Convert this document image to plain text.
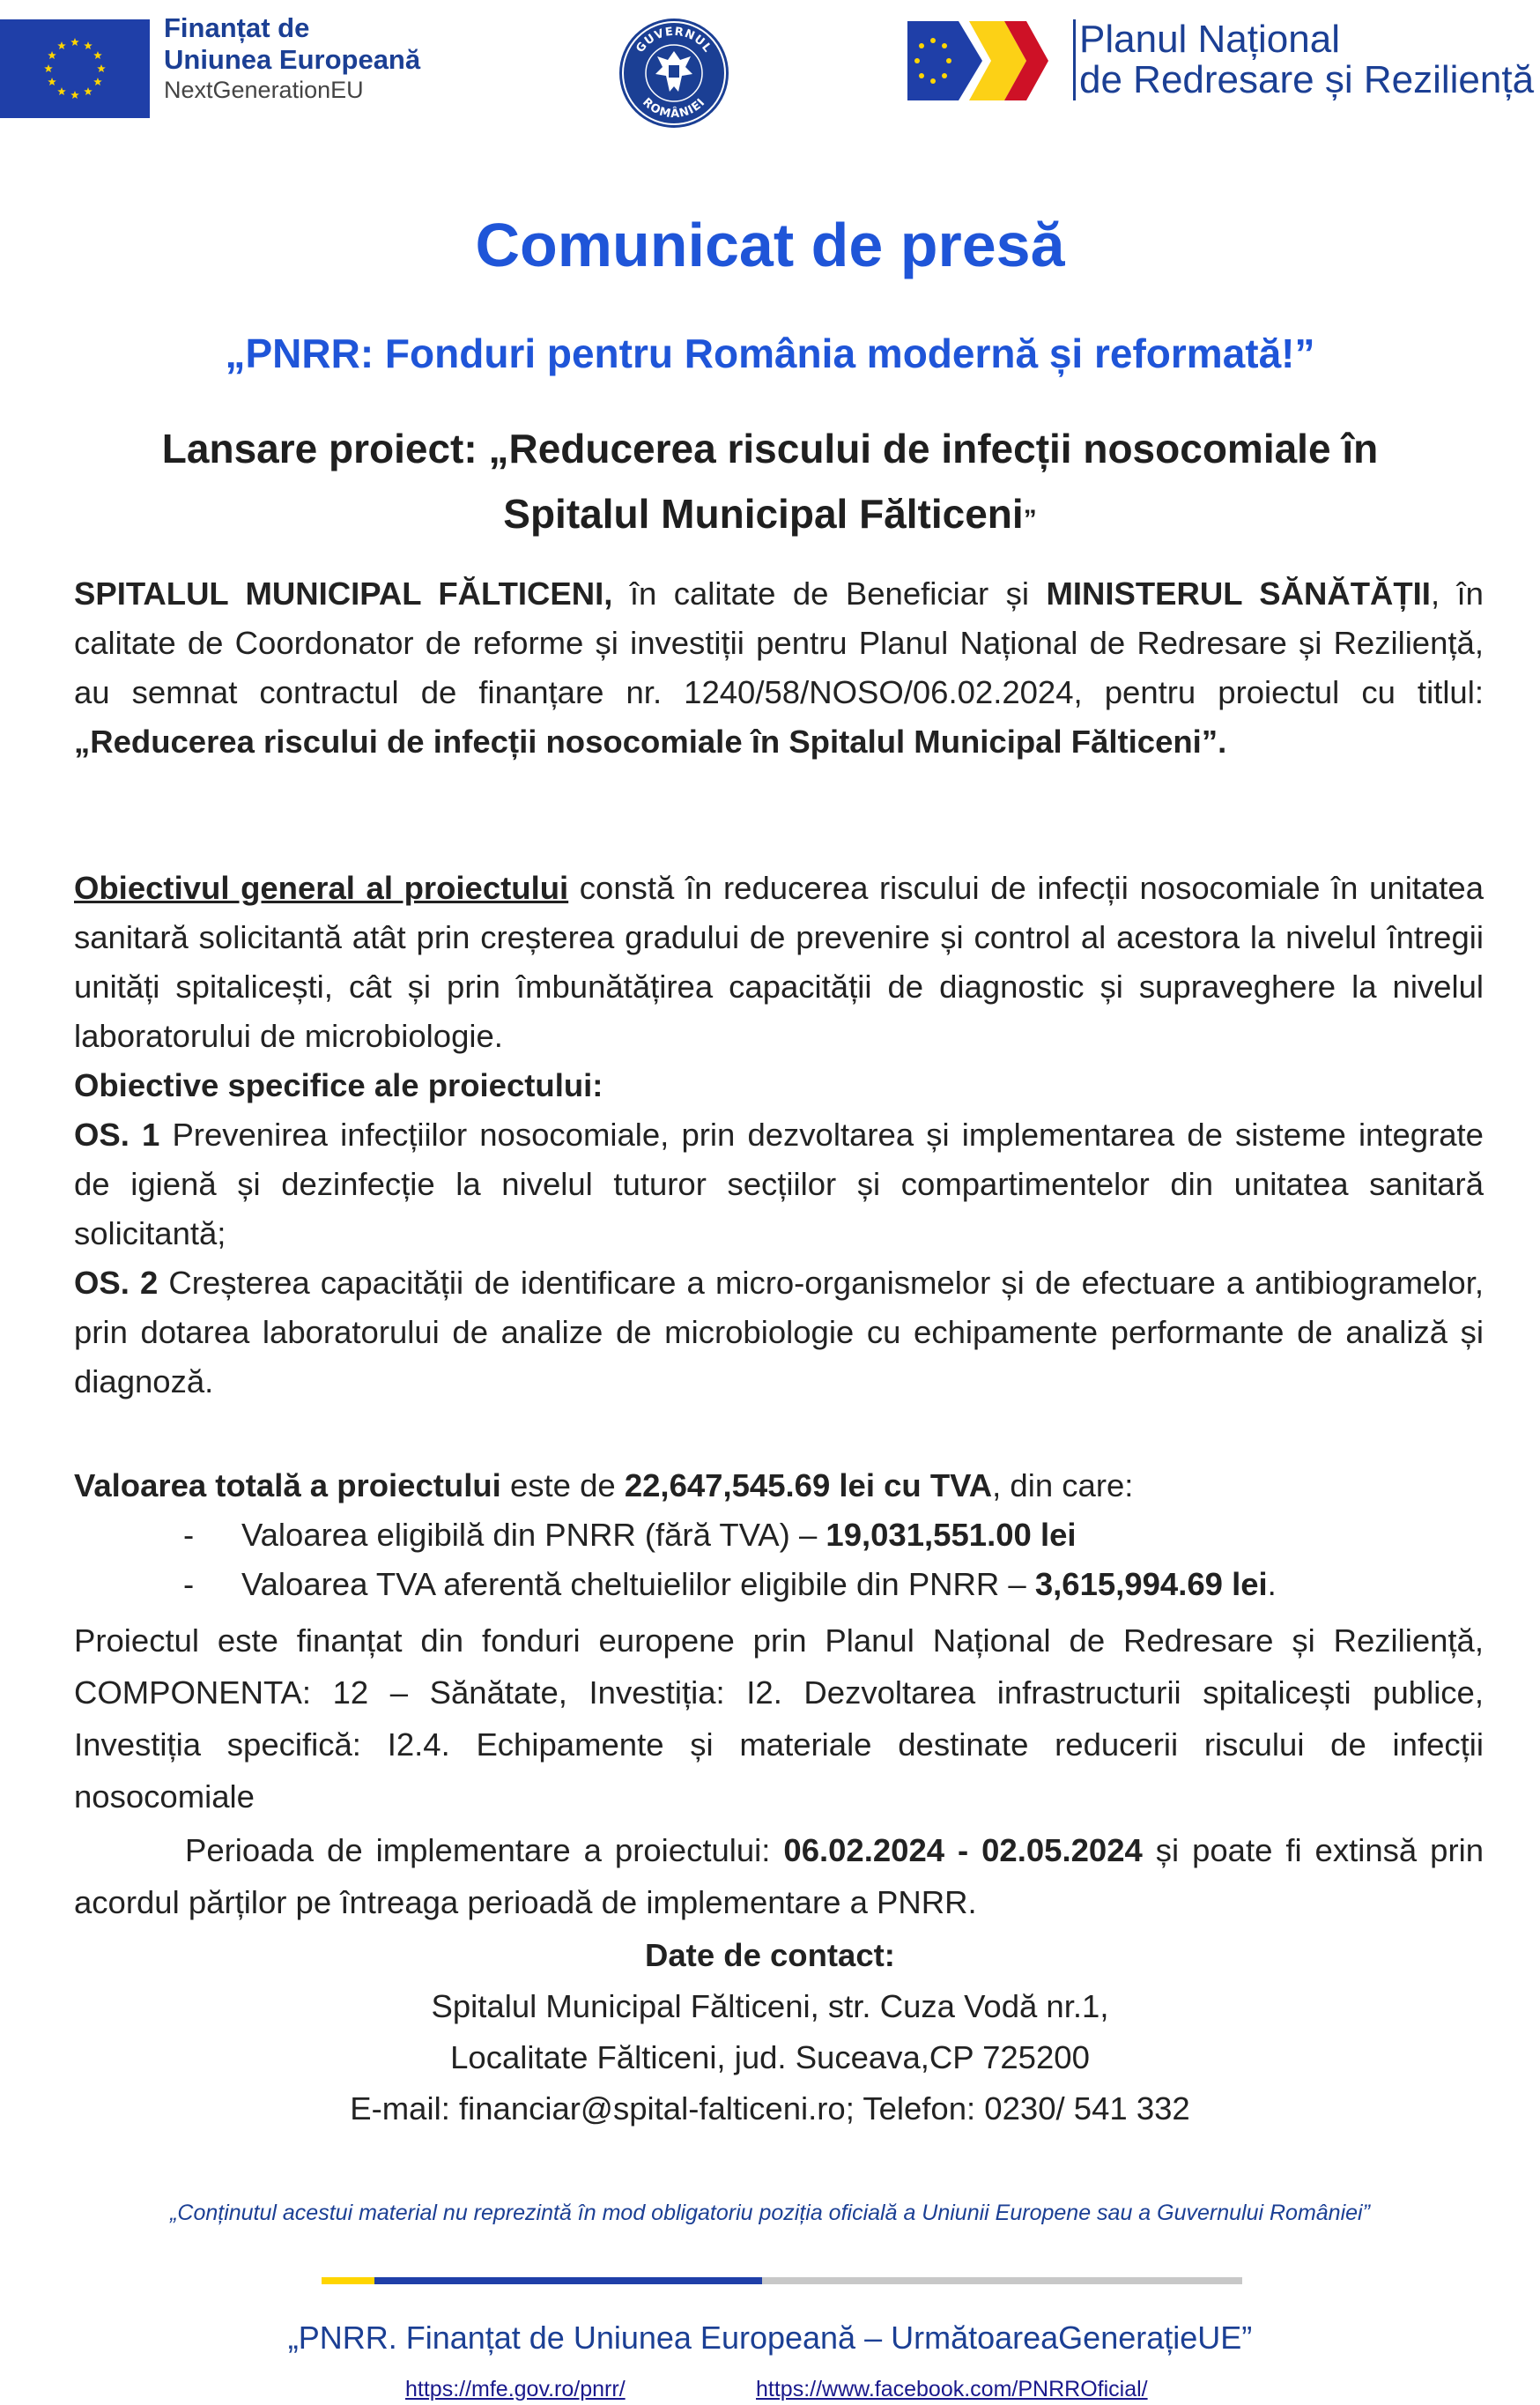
Finanțat de
Uniunea Europeană
NextGenerationEU
GUVERNUL
ROMÂNIEI
Planul Național
de Redresare și Reziliență
Comunicat de presă
„PNRR: Fonduri pentru România modernă și reformată!”
Lansare proiect: „Reducerea riscului de infecții nosocomiale în
Spitalul Municipal Fălticeni”
SPITALUL MUNICIPAL FĂLTICENI, în calitate de Beneficiar și MINISTERUL SĂNĂTĂȚII, în calitate de Coordonator de reforme și investiții pentru Planul Național de Redresare și Reziliență, au semnat contractul de finanțare nr. 1240/58/NOSO/06.02.2024, pentru proiectul cu titlul: „Reducerea riscului de infecții nosocomiale în Spitalul Municipal Fălticeni”.
Obiectivul general al proiectului constă în reducerea riscului de infecții nosocomiale în unitatea sanitară solicitantă atât prin creșterea gradului de prevenire și control al acestora la nivelul întregii unități spitalicești, cât și prin îmbunătățirea capacității de diagnostic și supraveghere la nivelul laboratorului de microbiologie.
Obiective specifice ale proiectului:
OS. 1 Prevenirea infecțiilor nosocomiale, prin dezvoltarea și implementarea de sisteme integrate de igienă și dezinfecție la nivelul tuturor secțiilor și compartimentelor din unitatea sanitară solicitantă;
OS. 2 Creșterea capacității de identificare a micro-organismelor și de efectuare a antibiogramelor, prin dotarea laboratorului de analize de microbiologie cu echipamente performante de analiză și diagnoză.
Valoarea totală a proiectului este de 22,647,545.69 lei cu TVA, din care:
- Valoarea eligibilă din PNRR (fără TVA) – 19,031,551.00 lei
- Valoarea TVA aferentă cheltuielilor eligibile din PNRR – 3,615,994.69 lei.
Proiectul este finanțat din fonduri europene prin Planul Național de Redresare și Reziliență, COMPONENTA: 12 – Sănătate, Investiția: I2. Dezvoltarea infrastructurii spitalicești publice, Investiția specifică: I2.4. Echipamente și materiale destinate reducerii riscului de infecții nosocomiale
Perioada de implementare a proiectului: 06.02.2024 - 02.05.2024 și poate fi extinsă prin acordul părților pe întreaga perioadă de implementare a PNRR.
Date de contact:
Spitalul Municipal Fălticeni, str. Cuza Vodă nr.1,
Localitate Fălticeni, jud. Suceava,CP 725200
E-mail: financiar@spital-falticeni.ro; Telefon: 0230/ 541 332
„Conținutul acestui material nu reprezintă în mod obligatoriu poziția oficială a Uniunii Europene sau a Guvernului României”
„PNRR. Finanțat de Uniunea Europeană – UrmătoareaGenerațieUE”
https://mfe.gov.ro/pnrr/	https://www.facebook.com/PNRROficial/
